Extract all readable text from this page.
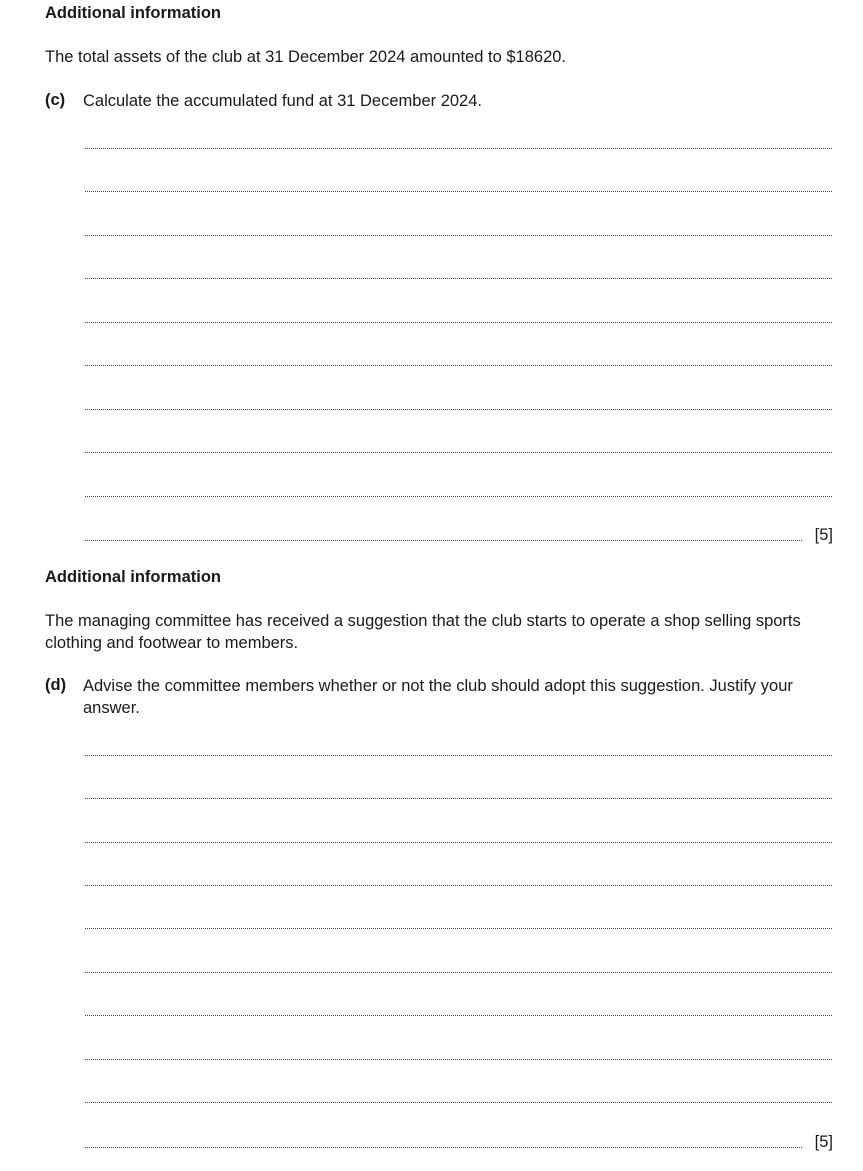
Additional information
The total assets of the club at 31 December 2024 amounted to $18620.
(c) Calculate the accumulated fund at 31 December 2024.
[5]
Additional information
The managing committee has received a suggestion that the club starts to operate a shop selling sports clothing and footwear to members.
(d) Advise the committee members whether or not the club should adopt this suggestion. Justify your answer.
[5]
